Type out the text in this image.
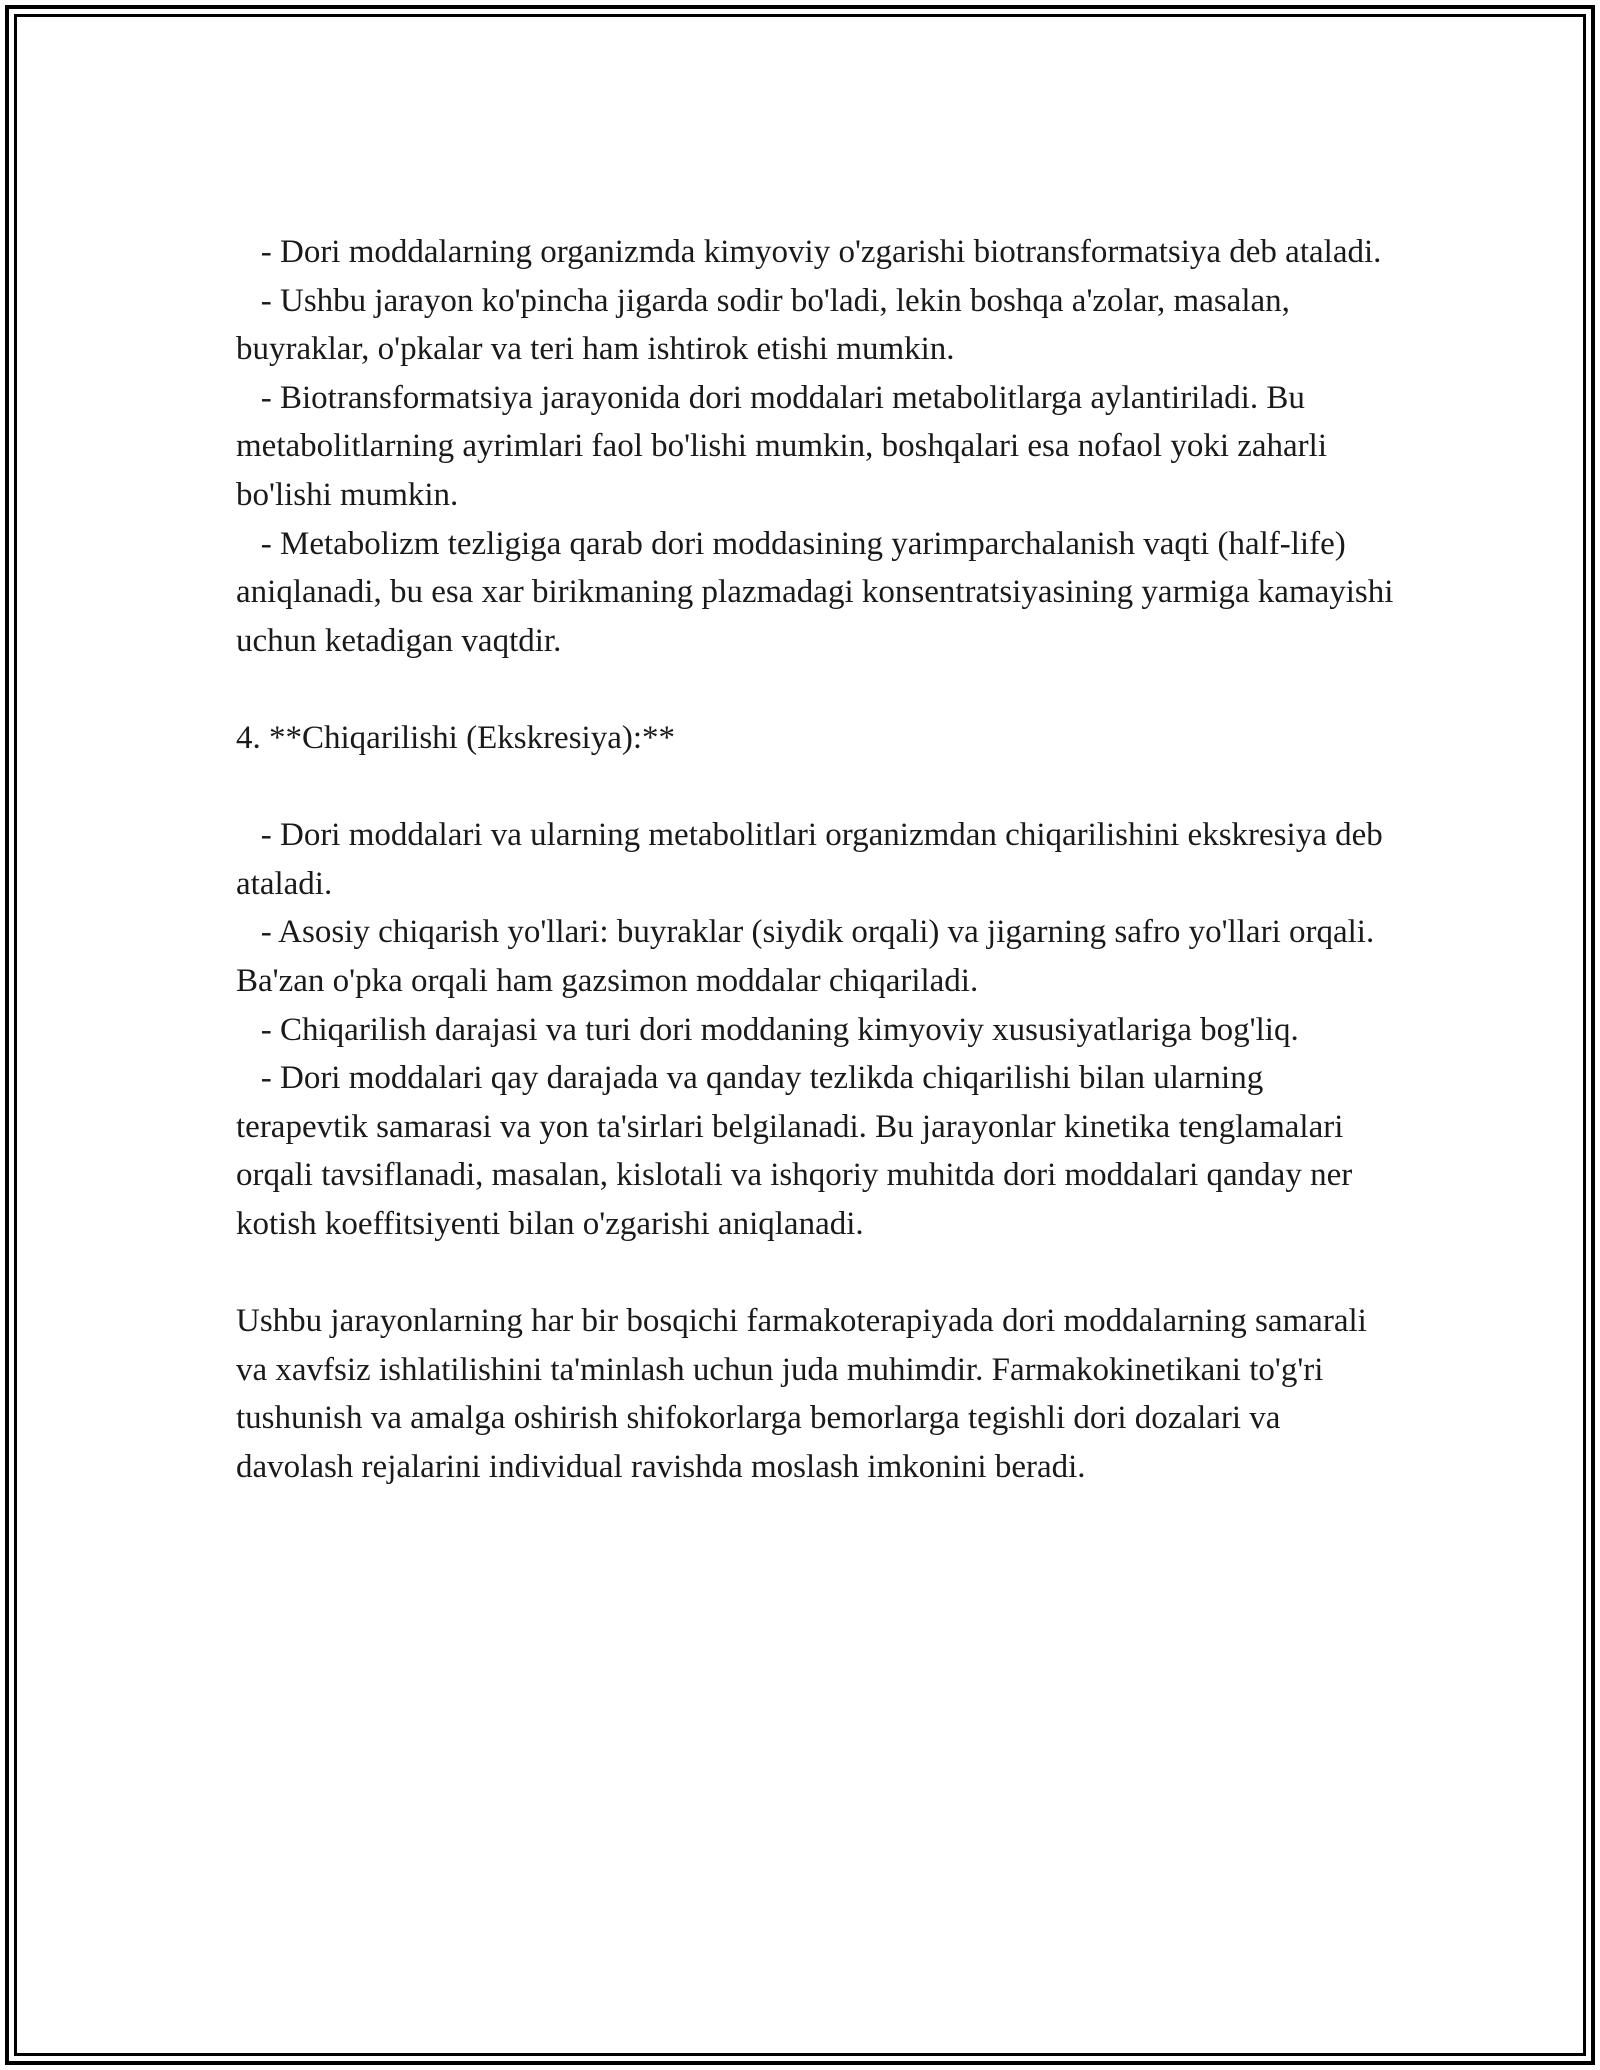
- Dori moddalarning organizmda kimyoviy o'zgarishi biotransformatsiya deb ataladi.

- Ushbu jarayon ko'pincha jigarda sodir bo'ladi, lekin boshqa a'zolar, masalan, buyraklar, o'pkalar va teri ham ishtirok etishi mumkin.

- Biotransformatsiya jarayonida dori moddalari metabolitlarga aylantiriladi. Bu metabolitlarning ayrimlari faol bo'lishi mumkin, boshqalari esa nofaol yoki zaharli bo'lishi mumkin.

- Metabolizm tezligiga qarab dori moddasining yarimparchalanish vaqti (half-life) aniqlanadi, bu esa xar birikmaning plazmadagi konsentratsiyasining yarmiga kamayishi uchun ketadigan vaqtdir.

4. **Chiqarilishi (Ekskresiya):**

- Dori moddalari va ularning metabolitlari organizmdan chiqarilishini ekskresiya deb ataladi.

- Asosiy chiqarish yo'llari: buyraklar (siydik orqali) va jigarning safro yo'llari orqali. Ba'zan o'pka orqali ham gazsimon moddalar chiqariladi.

- Chiqarilish darajasi va turi dori moddaning kimyoviy xususiyatlariga bog'liq.

- Dori moddalari qay darajada va qanday tezlikda chiqarilishi bilan ularning terapevtik samarasi va yon ta'sirlari belgilanadi. Bu jarayonlar kinetika tenglamalari orqali tavsiflanadi, masalan, kislotali va ishqoriy muhitda dori moddalari qanday ner kotish koeffitsiyenti bilan o'zgarishi aniqlanadi.

Ushbu jarayonlarning har bir bosqichi farmakoterapiyada dori moddalarning samarali va xavfsiz ishlatilishini ta'minlash uchun juda muhimdir. Farmakokinetikani to'g'ri tushunish va amalga oshirish shifokorlarga bemorlarga tegishli dori dozalari va davolash rejalarini individual ravishda moslash imkonini beradi.
